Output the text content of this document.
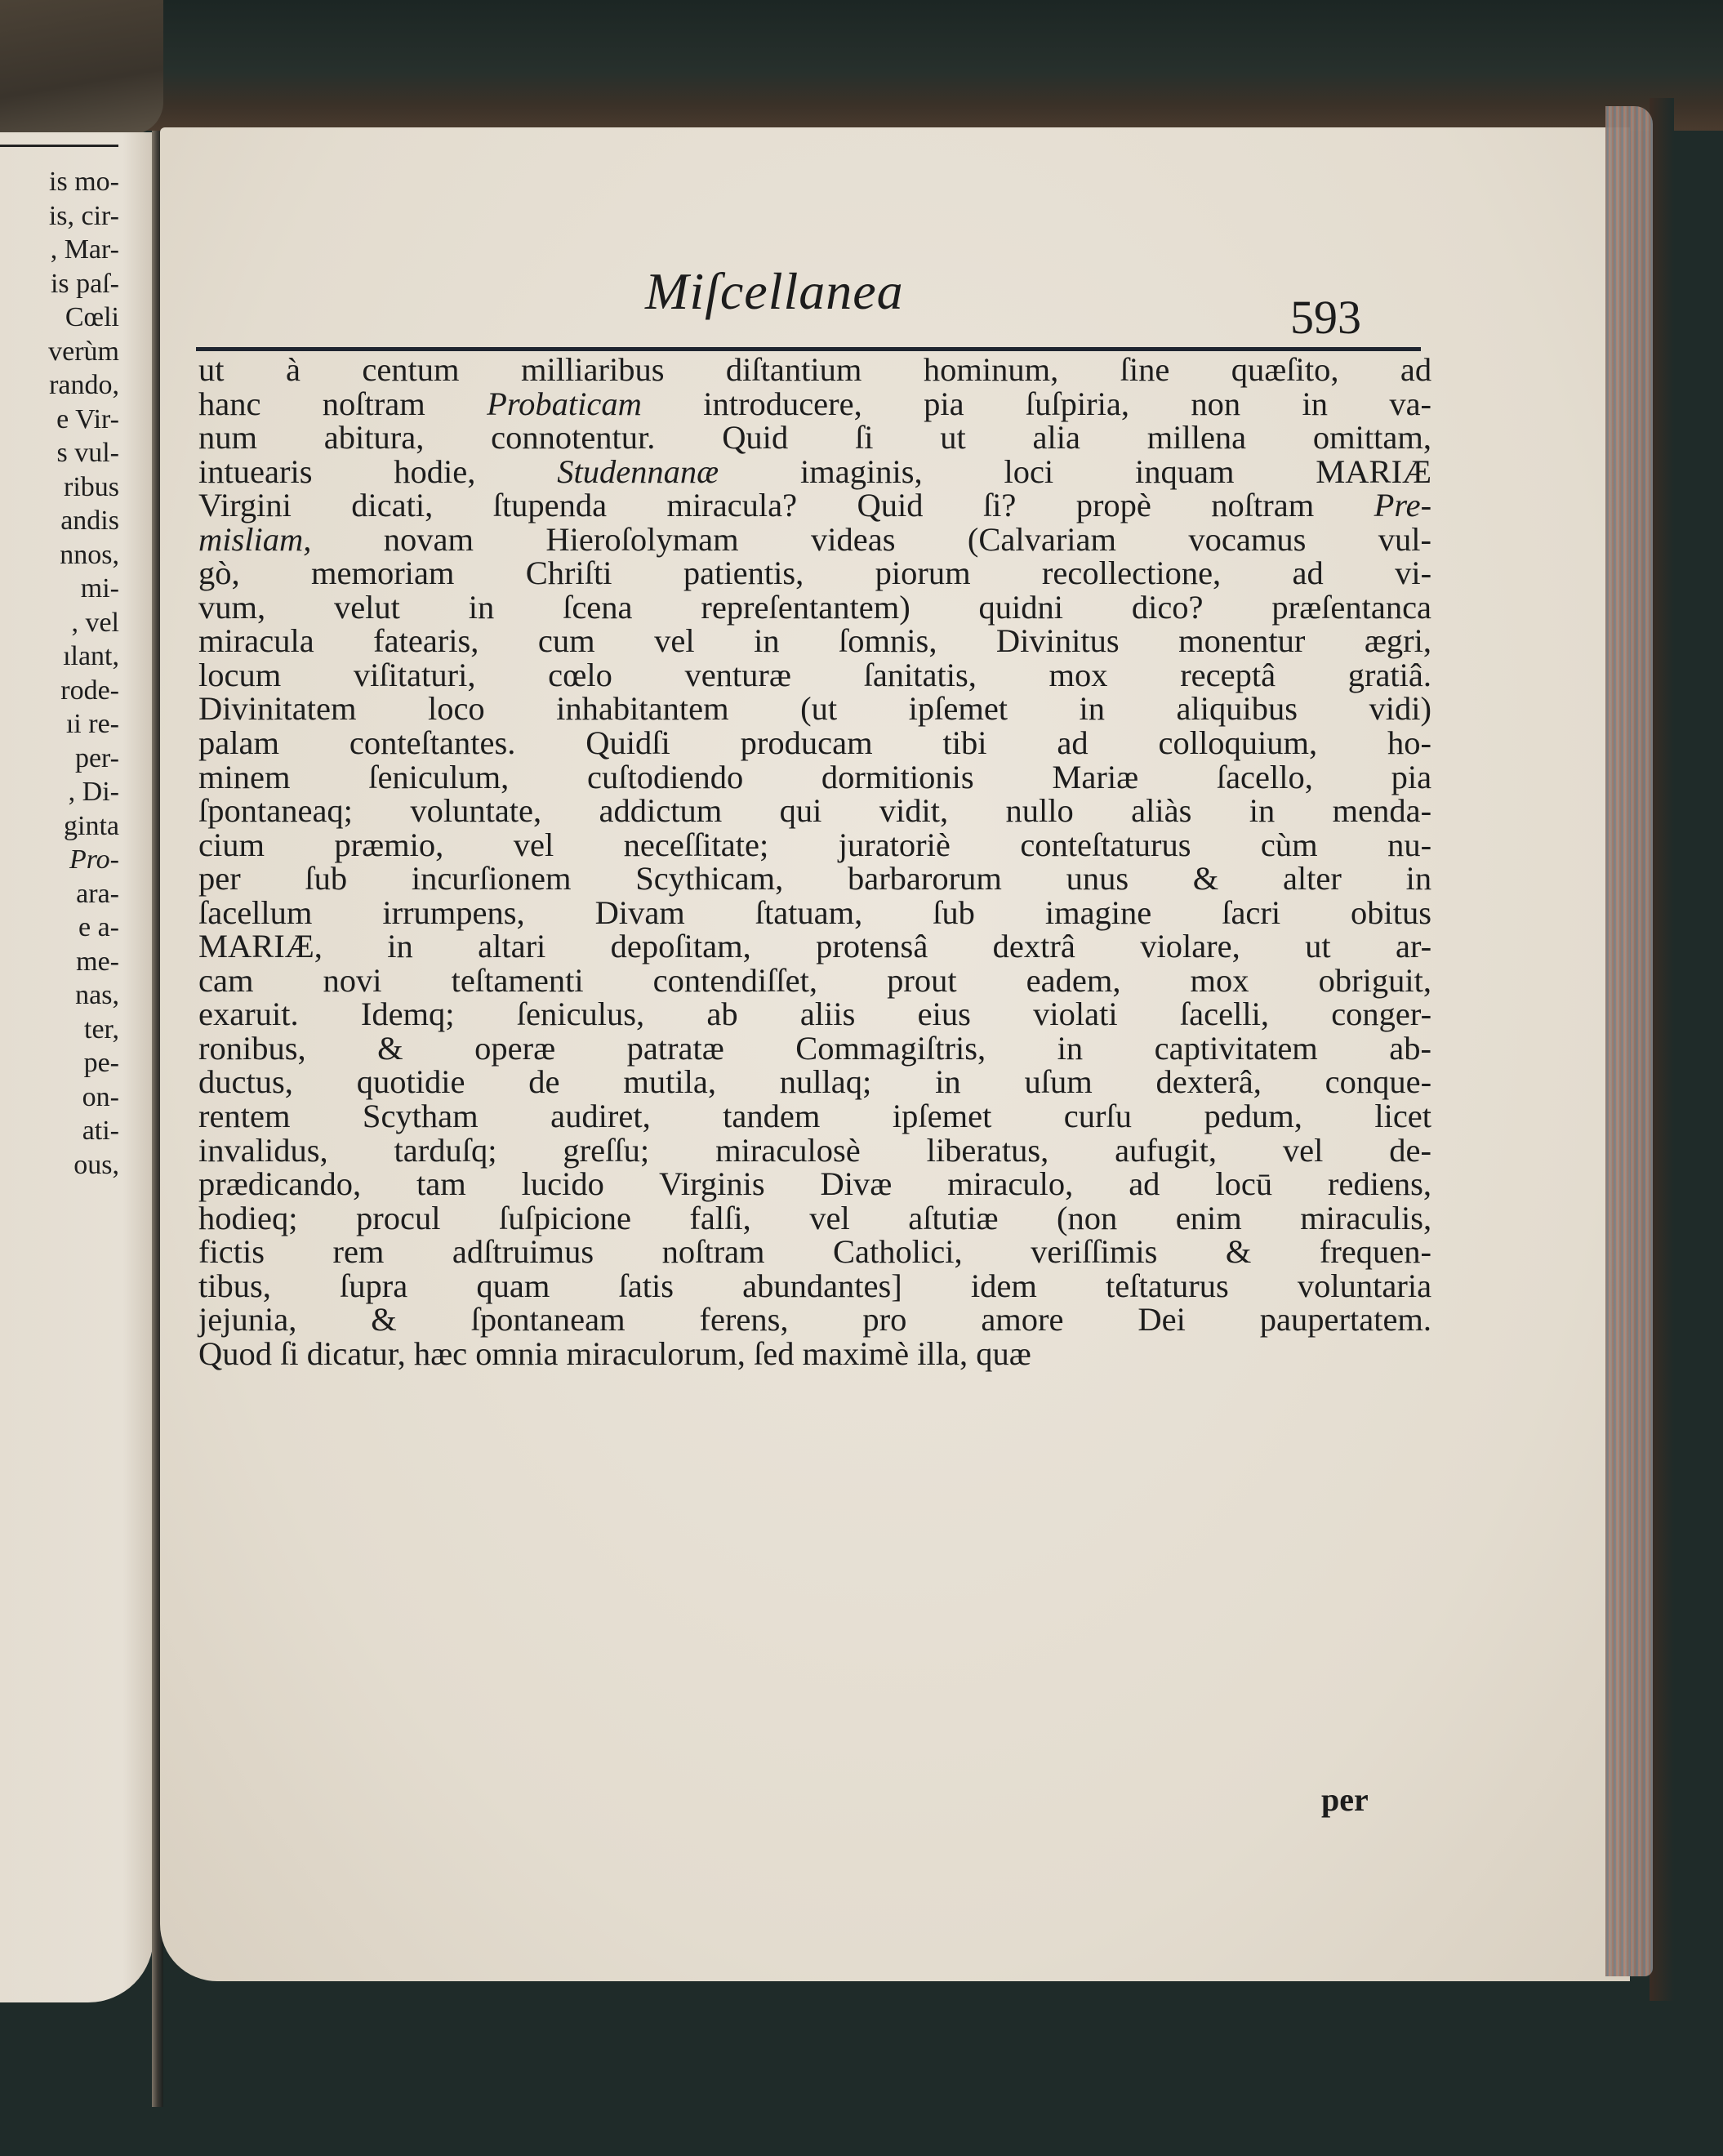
is mo-
is, cir-
, Mar-
is paſ-
Cœli
verùm
rando,
e Vir-
s vul-
ribus
andis
nnos,
mi-
, vel
ılant,
rode-
ıi re-
per-
, Di-
ginta
Pro-
ara-
e a-
me-
nas,
ter,
pe-
on-
ati-
ous,
Miſcellanea	593
ut à centum milliaribus diſtantium hominum, ſine quæſito, ad
hanc noſtram Probaticam introducere, pia ſuſpiria, non in va-
num abitura, connotentur. Quid ſi ut alia millena omittam,
intuearis hodie, Studennanæ imaginis, loci inquam MARIÆ
Virgini dicati, ſtupenda miracula? Quid ſi? propè noſtram Pre-
misliam, novam Hieroſolymam videas (Calvariam vocamus vul-
gò, memoriam Chriſti patientis, piorum recollectione, ad vi-
vum, velut in ſcena repreſentantem) quidni dico? præſentanca
miracula fatearis, cum vel in ſomnis, Divinitus monentur ægri,
locum viſitaturi, cœlo venturæ ſanitatis, mox receptâ gratiâ.
Divinitatem loco inhabitantem (ut ipſemet in aliquibus vidi)
palam conteſtantes. Quidſi producam tibi ad colloquium, ho-
minem ſeniculum, cuſtodiendo dormitionis Mariæ ſacello, pia
ſpontaneaq; voluntate, addictum qui vidit, nullo aliàs in menda-
cium præmio, vel neceſſitate; juratoriè conteſtaturus cùm nu-
per ſub incurſionem Scythicam, barbarorum unus & alter in
ſacellum irrumpens, Divam ſtatuam, ſub imagine ſacri obitus
MARIÆ, in altari depoſitam, protensâ dextrâ violare, ut ar-
cam novi teſtamenti contendiſſet, prout eadem, mox obriguit,
exaruit. Idemq; ſeniculus, ab aliis eius violati ſacelli, conger-
ronibus, & operæ patratæ Commagiſtris, in captivitatem ab-
ductus, quotidie de mutila, nullaq; in uſum dexterâ, conque-
rentem Scytham audiret, tandem ipſemet curſu pedum, licet
invalidus, tarduſq; greſſu; miraculosè liberatus, aufugit, vel de-
prædicando, tam lucido Virginis Divæ miraculo, ad locū rediens,
hodieq; procul ſuſpicione falſi, vel aſtutiæ (non enim miraculis,
fictis rem adſtruimus noſtram Catholici, veriſſimis & frequen-
tibus, ſupra quam ſatis abundantes] idem teſtaturus voluntaria
jejunia, & ſpontaneam ferens, pro amore Dei paupertatem.
Quod ſi dicatur, hæc omnia miraculorum, ſed maximè illa, quæ
per
